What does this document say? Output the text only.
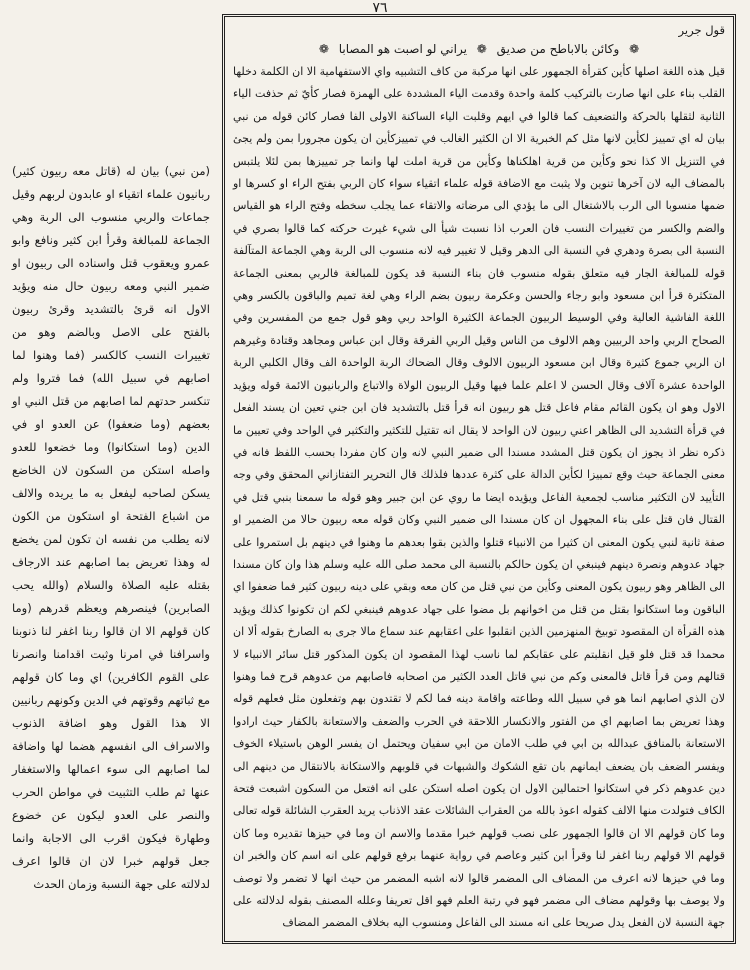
٧٦
(من نبي) بيان له (قاتل معه ربيون كثير) ربانيون علماء اتقياء او عابدون لربهم وقيل جماعات والربي منسوب الى الربة وهي الجماعة للمبالغة وقرأ ابن كثير ونافع وابو عمرو ويعقوب قتل واسناده الى ربيون او ضمير النبي ومعه ربيون حال منه ويؤيد الاول انه قرئ بالتشديد وقرئ ربيون بالفتح على الاصل وبالضم وهو من تغييرات النسب كالكسر (فما وهنوا لما اصابهم في سبيل الله) فما فتروا ولم تنكسر حدتهم لما اصابهم من قتل النبي او بعضهم (وما ضعفوا) عن العدو او في الدين (وما استكانوا) وما خضعوا للعدو واصله استكن من السكون لان الخاضع يسكن لصاحبه ليفعل به ما يريده والالف من اشباع الفتحة او استكون من الكون لانه يطلب من نفسه ان تكون لمن يخضع له وهذا تعريض بما اصابهم عند الارجاف بقتله عليه الصلاة والسلام (والله يحب الصابرين) فينصرهم ويعظم قدرهم (وما كان قولهم الا ان قالوا ربنا اغفر لنا ذنوبنا واسرافنا في امرنا وثبت اقدامنا وانصرنا على القوم الكافرين) اي وما كان قولهم مع ثباتهم وقوتهم في الدين وكونهم ربانيين الا هذا القول وهو اضافة الذنوب والاسراف الى انفسهم هضما لها واضافة لما اصابهم الى سوء اعمالها والاستغفار عنها ثم طلب التثبيت في مواطن الحرب والنصر على العدو ليكون عن خضوع وطهارة فيكون اقرب الى الاجابة وانما جعل قولهم خبرا لان ان قالوا اعرف لدلالته على جهة النسبة وزمان الحدث
قول جرير
❁	وكائن بالاباطح من صديق ❁ يراني لو اصبت هو المصابا	❁
قيل هذه اللغة اصلها كأين كقرأة الجمهور على انها مركبة من كاف التشبيه واي الاستفهامية الا ان الكلمة دخلها القلب بناء على انها صارت بالتركيب كلمة واحدة وقدمت الياء المشددة على الهمزة فصار كأيّ ثم حذفت الياء الثانية لثقلها بالحركة والتضعيف كما قالوا في ايهم وقلبت الياء الساكنة الاولى الفا فصار كائن قوله من نبي بيان له اي تمييز لكأين لانها مثل كم الخبرية الا ان الكثير الغالب في تمييزكأين ان يكون مجرورا بمن ولم يجئ في التنزيل الا كذا نحو وكأين من قرية اهلكناها وكأين من قرية املت لها وانما جر تمييزها بمن لئلا يلتبس بالمضاف اليه لان آخرها تنوين ولا يثبت مع الاضافة قوله علماء اتقياء سواء كان الربي بفتح الراء او كسرها او ضمها منسوبا الى الرب بالاشتغال الى ما يؤدي الى مرضاته والاتقاء عما يجلب سخطه وفتح الراء هو القياس والضم والكسر من تغييرات النسب فان العرب اذا نسبت شيأ الى شيء غيرت حركته كما قالوا بصري في النسبة الى بصرة ودهري في النسبة الى الدهر وقيل لا تغيير فيه لانه منسوب الى الربة وهي الجماعة المتآلفة قوله للمبالغة الجار فيه متعلق بقوله منسوب فان بناء النسبة قد يكون للمبالغة فالربي بمعنى الجماعة المتكثرة قرأ ابن مسعود وابو رجاء والحسن وعكرمة ربيون بضم الراء وهي لغة تميم والباقون بالكسر وهي اللغة الفاشية العالية وفي الوسيط الربيون الجماعة الكثيرة الواحد ربي وهو قول جمع من المفسرين وفي الصحاح الربي واحد الربيين وهم الالوف من الناس وقيل الربي الفرقة وقال ابن عباس ومجاهد وقتادة وغيرهم ان الربي جموع كثيرة وقال ابن مسعود الربيون الالوف وقال الضحاك الربة الواحدة الف وقال الكلبي الربة الواحدة عشرة آلاف وقال الحسن لا اعلم علما فيها وقيل الربيون الولاة والاتباع والربانيون الائمة قوله ويؤيد الاول وهو ان يكون القائم مقام فاعل قتل هو ربيون انه قرأ قتل بالتشديد فان ابن جني تعين ان يسند الفعل في قرأة التشديد الى الظاهر اعني ربيون لان الواحد لا يقال انه تقتيل للتكثير والتكثير في الواحد وفي تعيين ما ذكره نظر اذ يجوز ان يكون قتل المشدد مسندا الى ضمير النبي لانه وان كان مفردا بحسب اللفظ فانه في معنى الجماعة حيث وقع تمييزا لكأين الدالة على كثرة عددها فلذلك قال التحرير التفتازاني المحقق وفي وجه التأييد لان التكثير مناسب لجمعية الفاعل ويؤيده ايضا ما روي عن ابن جبير وهو قوله ما سمعنا بنبي قتل في القتال فان قتل على بناء المجهول ان كان مسندا الى ضمير النبي وكان قوله معه ربيون حالا من الضمير او صفة ثانية لنبي يكون المعنى ان كثيرا من الانبياء قتلوا والذين بقوا بعدهم ما وهنوا في دينهم بل استمروا على جهاد عدوهم ونصرة دينهم فينبغي ان يكون حالكم بالنسبة الى محمد صلى الله عليه وسلم هذا وان كان مسندا الى الظاهر وهو ربيون يكون المعنى وكأين من نبي قتل من كان معه وبقي على دينه ربيون كثير فما ضعفوا اي الباقون وما استكانوا بقتل من قتل من اخوانهم بل مضوا على جهاد عدوهم فينبغي لكم ان تكونوا كذلك ويؤيد هذه القرأة ان المقصود توبيخ المنهزمين الذين انقلبوا على اعقابهم عند سماع مالا جرى به الصارخ بقوله ألا ان محمدا قد قتل فلو قيل انقلبتم على عقابكم لما ناسب لهذا المقصود ان يكون المذكور قتل سائر الانبياء لا قتالهم ومن قرأ قاتل فالمعنى وكم من نبي قاتل العدد الكثير من اصحابه فاصابهم من عدوهم قرح فما وهنوا لان الذي اصابهم انما هو في سبيل الله وطاعته واقامة دينه فما لكم لا تقتدون بهم وتفعلون مثل فعلهم قوله وهذا تعريض بما اصابهم اي من الفتور والانكسار اللاحقة في الحرب والضعف والاستعانة بالكفار حيث ارادوا الاستعانة بالمنافق عبدالله بن ابي في طلب الامان من ابي سفيان ويحتمل ان يفسر الوهن باستيلاء الخوف ويفسر الضعف بان يضعف ايمانهم بان تقع الشكوك والشبهات في قلوبهم والاستكانة بالانتقال من دينهم الى دين عدوهم ذكر في استكانوا احتمالين الاول ان يكون اصله استكن على انه افتعل من السكون اشبعت فتحة الكاف فتولدت منها الالف كقوله اعوذ بالله من العقراب الشائلات عقد الاذناب يريد العقرب الشائلة قوله تعالى وما كان قولهم الا ان قالوا الجمهور على نصب قولهم خبرا مقدما والاسم ان وما في حيزها تقديره وما كان قولهم الا قولهم ربنا اغفر لنا وقرأ ابن كثير وعاصم في رواية عنهما برفع قولهم على انه اسم كان والخبر ان وما في حيزها لانه اعرف من المضاف الى المضمر قالوا لانه اشبه المضمر من حيث انها لا تضمر ولا توصف ولا يوصف بها وقولهم مضاف الى مضمر فهو في رتبة العلم فهو اقل تعريفا وعلله المصنف بقوله لدلالته على جهة النسبة لان الفعل يدل صريحا على انه مسند الى الفاعل ومنسوب اليه بخلاف المضمر المضاف
